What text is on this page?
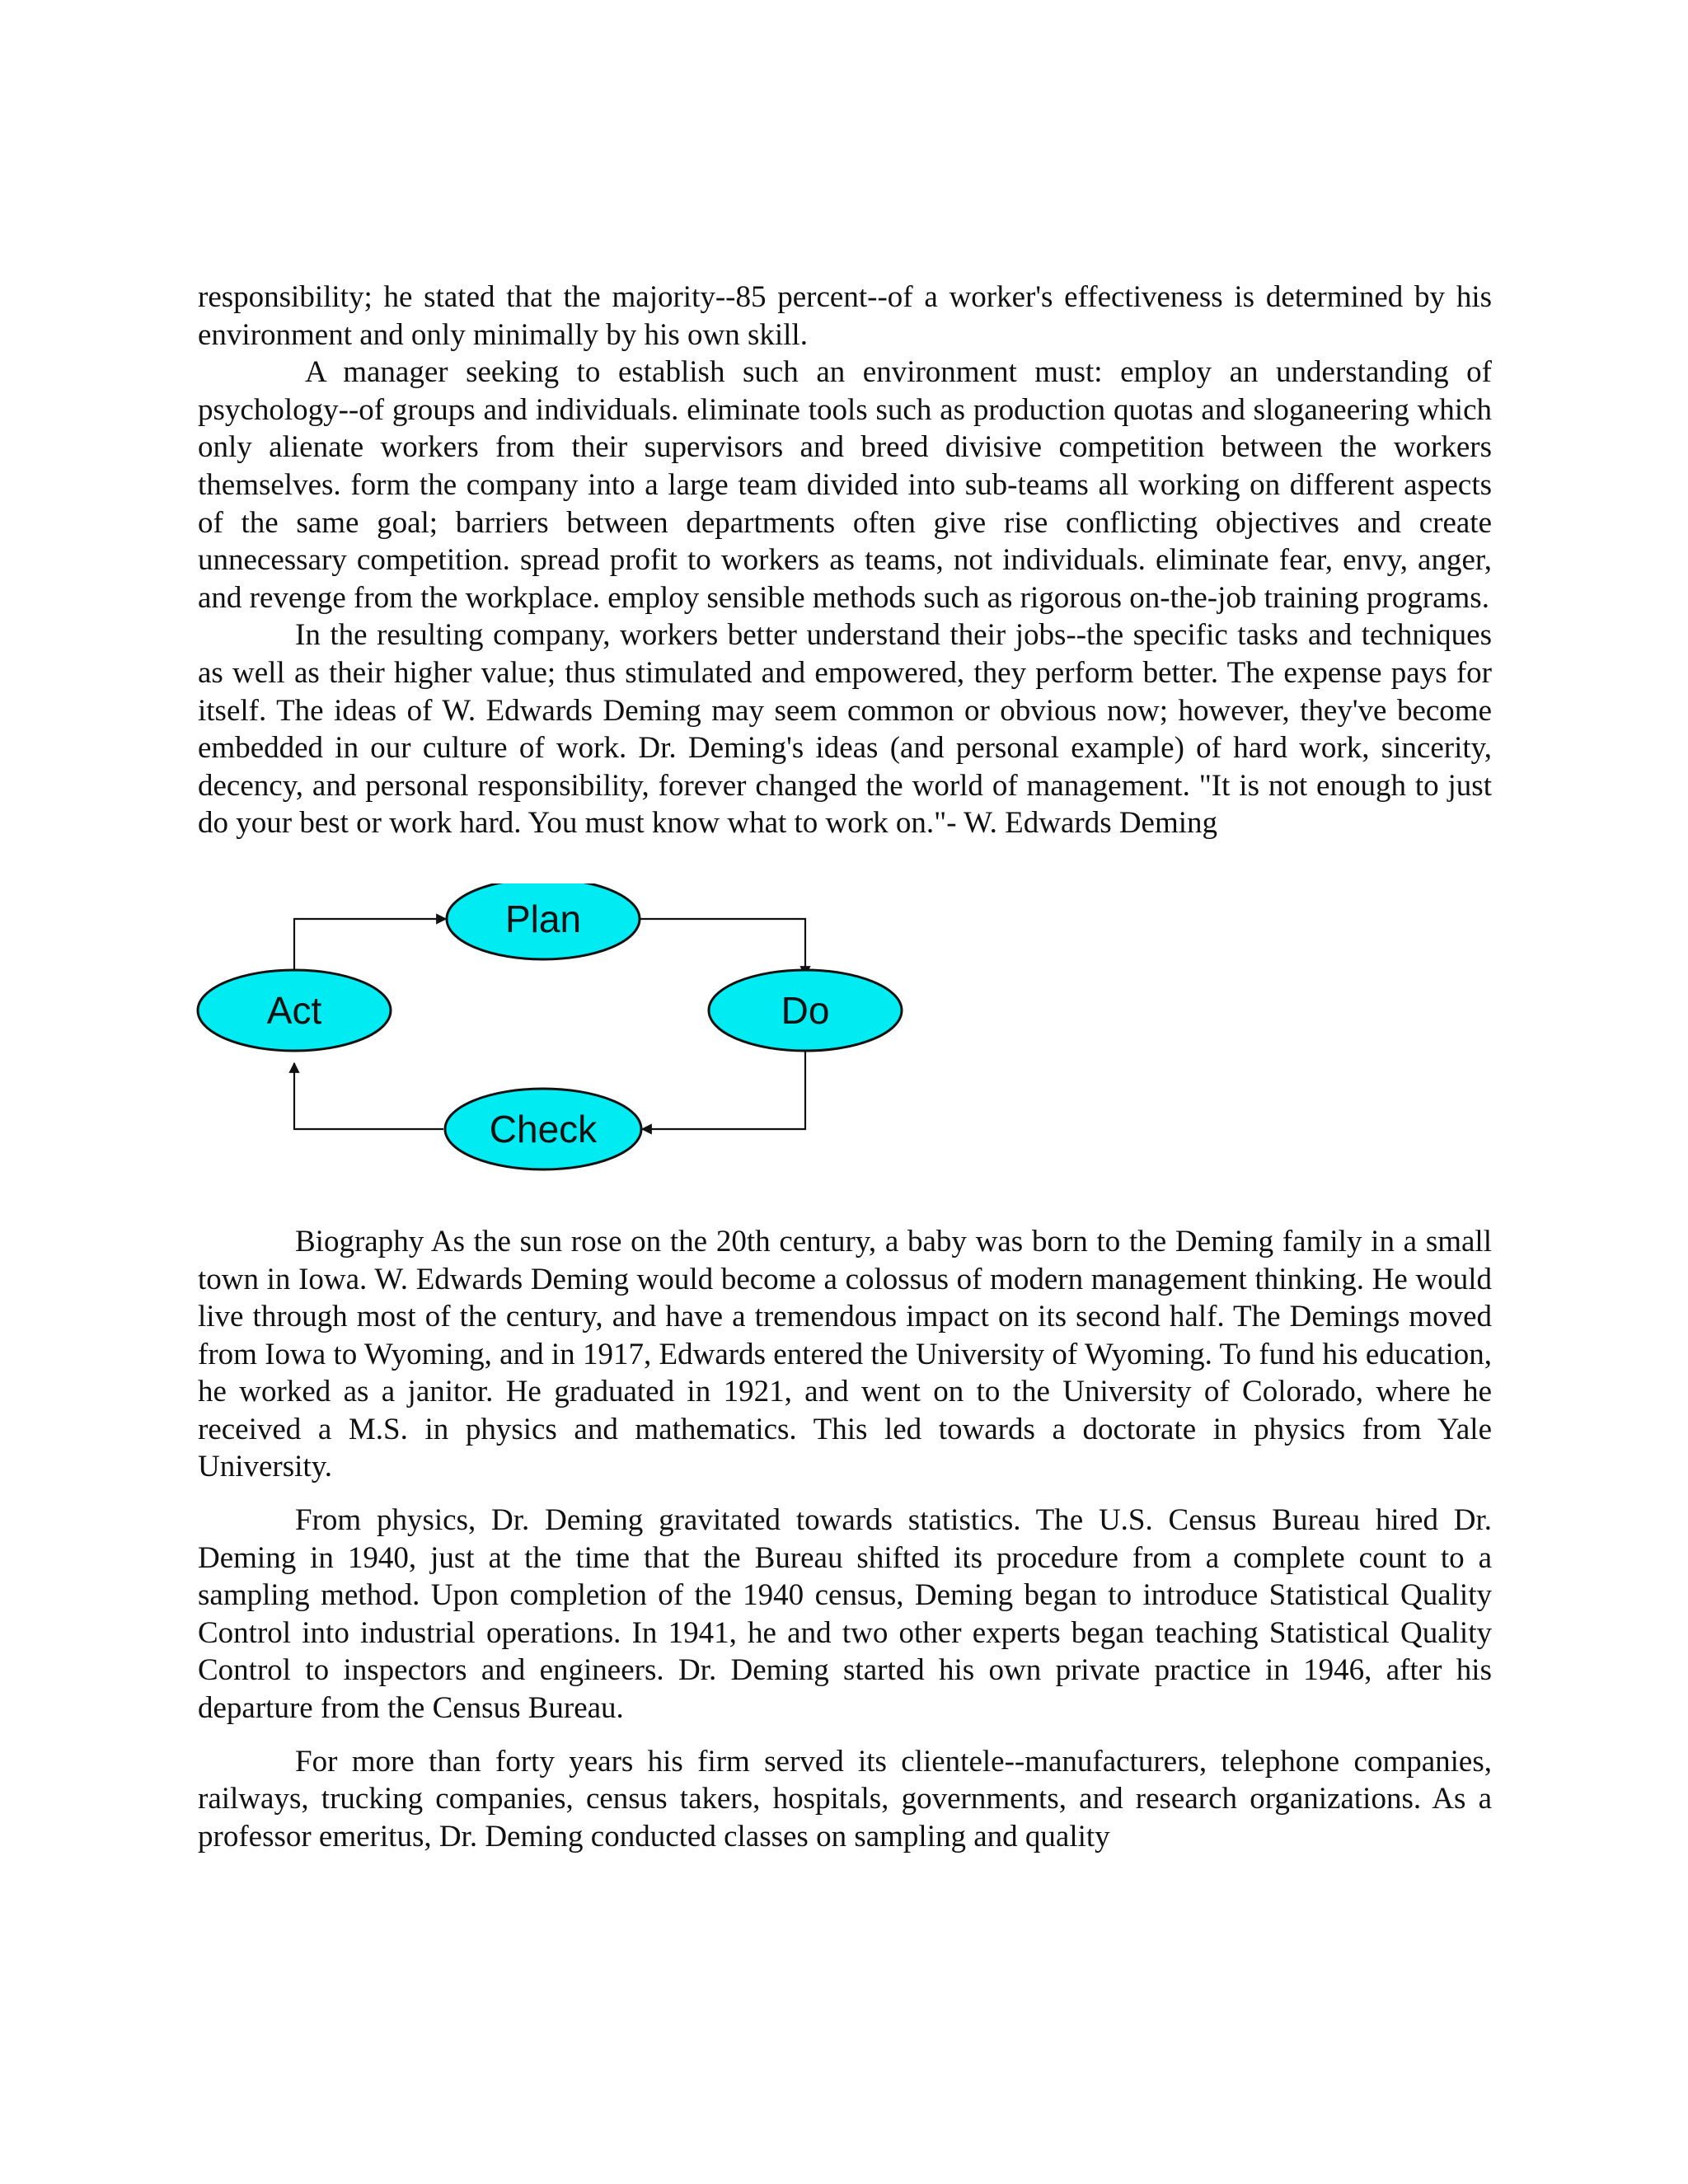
responsibility; he stated that the majority--85 percent--of a worker's effectiveness is determined by his environment and only minimally by his own skill.

A manager seeking to establish such an environment must: employ an understanding of psychology--of groups and individuals. eliminate tools such as production quotas and sloganeering which only alienate workers from their supervisors and breed divisive competition between the workers themselves. form the company into a large team divided into sub-teams all working on different aspects of the same goal; barriers between departments often give rise conflicting objectives and create unnecessary competition. spread profit to workers as teams, not individuals. eliminate fear, envy, anger, and revenge from the workplace. employ sensible methods such as rigorous on-the-job training programs.

In the resulting company, workers better understand their jobs--the specific tasks and techniques as well as their higher value; thus stimulated and empowered, they perform better. The expense pays for itself. The ideas of W. Edwards Deming may seem common or obvious now; however, they've become embedded in our culture of work. Dr. Deming's ideas (and personal example) of hard work, sincerity, decency, and personal responsibility, forever changed the world of management. "It is not enough to just do your best or work hard. You must know what to work on."- W. Edwards Deming

Plan
Do
Check
Act

Biography As the sun rose on the 20th century, a baby was born to the Deming family in a small town in Iowa. W. Edwards Deming would become a colossus of modern management thinking. He would live through most of the century, and have a tremendous impact on its second half. The Demings moved from Iowa to Wyoming, and in 1917, Edwards entered the University of Wyoming. To fund his education, he worked as a janitor. He graduated in 1921, and went on to the University of Colorado, where he received a M.S. in physics and mathematics. This led towards a doctorate in physics from Yale University.

From physics, Dr. Deming gravitated towards statistics. The U.S. Census Bureau hired Dr. Deming in 1940, just at the time that the Bureau shifted its procedure from a complete count to a sampling method. Upon completion of the 1940 census, Deming began to introduce Statistical Quality Control into industrial operations. In 1941, he and two other experts began teaching Statistical Quality Control to inspectors and engineers. Dr. Deming started his own private practice in 1946, after his departure from the Census Bureau.

For more than forty years his firm served its clientele--manufacturers, telephone companies, railways, trucking companies, census takers, hospitals, governments, and research organizations. As a professor emeritus, Dr. Deming conducted classes on sampling and quality
